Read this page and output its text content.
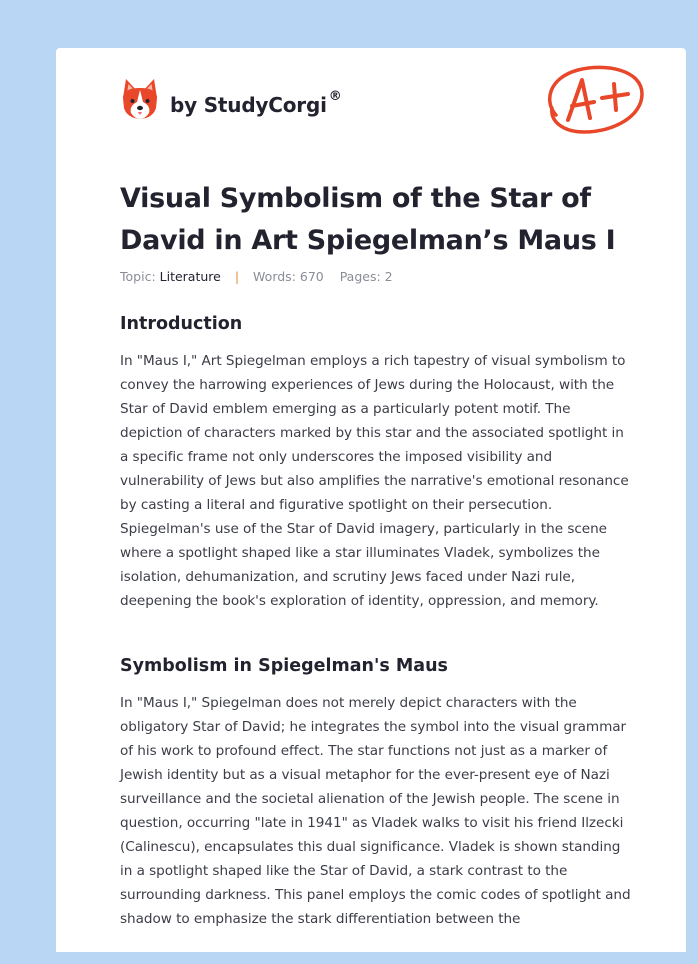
by StudyCorgi ®
Visual Symbolism of the Star of David in Art Spiegelman’s Maus I
Topic: Literature | Words: 670 Pages: 2
Introduction

In "Maus I," Art Spiegelman employs a rich tapestry of visual symbolism to convey the harrowing experiences of Jews during the Holocaust, with the Star of David emblem emerging as a particularly potent motif. The depiction of characters marked by this star and the associated spotlight in a specific frame not only underscores the imposed visibility and vulnerability of Jews but also amplifies the narrative's emotional resonance by casting a literal and figurative spotlight on their persecution. Spiegelman's use of the Star of David imagery, particularly in the scene where a spotlight shaped like a star illuminates Vladek, symbolizes the isolation, dehumanization, and scrutiny Jews faced under Nazi rule, deepening the book's exploration of identity, oppression, and memory.

Symbolism in Spiegelman's Maus

In "Maus I," Spiegelman does not merely depict characters with the obligatory Star of David; he integrates the symbol into the visual grammar of his work to profound effect. The star functions not just as a marker of Jewish identity but as a visual metaphor for the ever-present eye of Nazi surveillance and the societal alienation of the Jewish people. The scene in question, occurring "late in 1941" as Vladek walks to visit his friend Ilzecki (Calinescu), encapsulates this dual significance. Vladek is shown standing in a spotlight shaped like the Star of David, a stark contrast to the surrounding darkness. This panel employs the comic codes of spotlight and shadow to emphasize the stark differentiation between the
